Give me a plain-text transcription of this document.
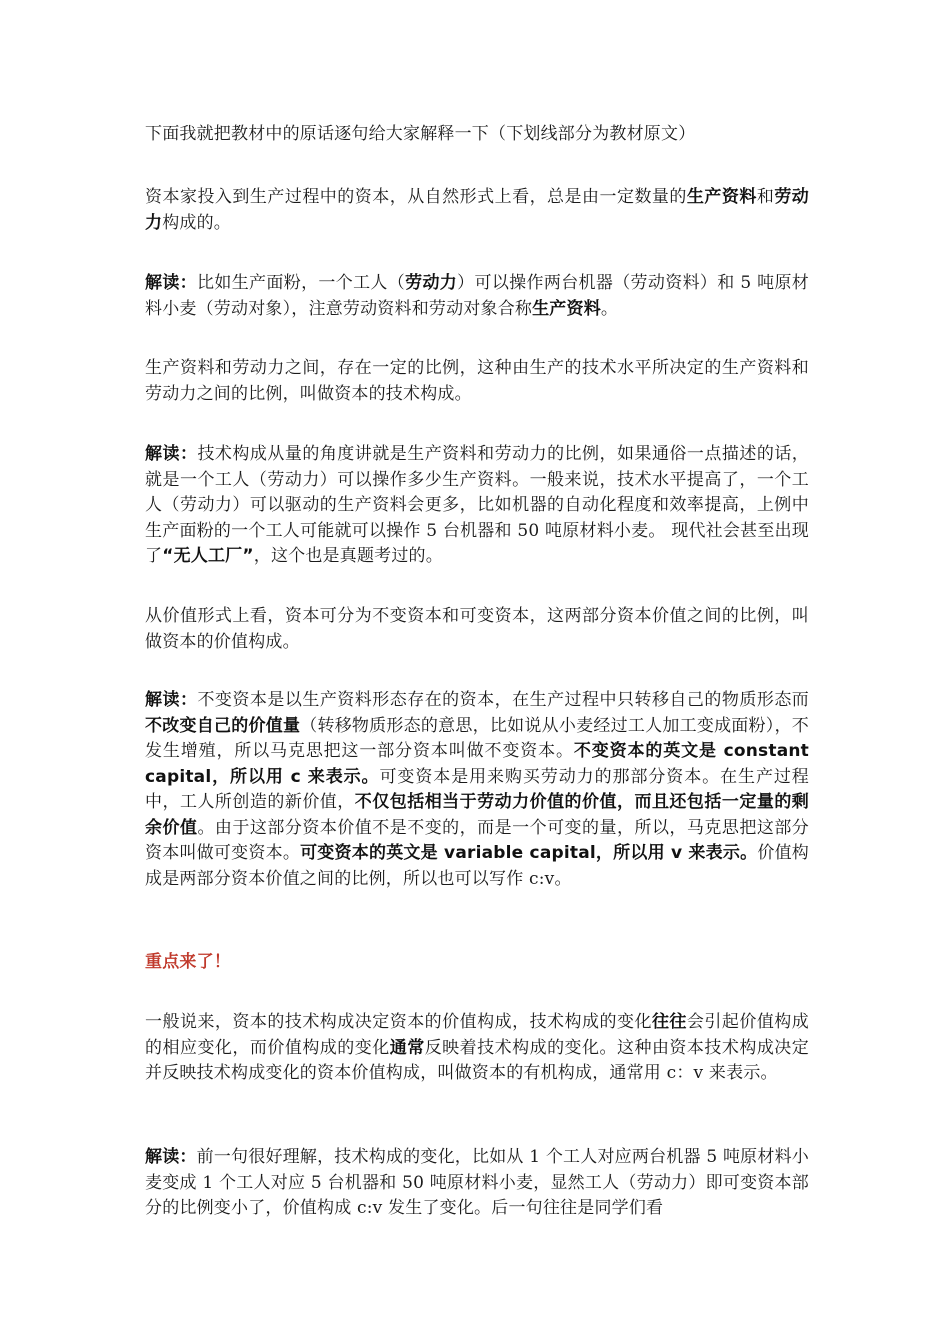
下面我就把教材中的原话逐句给大家解释一下（下划线部分为教材原文）
资本家投入到生产过程中的资本，从自然形式上看，总是由一定数量的生产资料和劳动力构成的。
解读：比如生产面粉，一个工人（劳动力）可以操作两台机器（劳动资料）和 5 吨原材料小麦（劳动对象），注意劳动资料和劳动对象合称生产资料。
生产资料和劳动力之间，存在一定的比例，这种由生产的技术水平所决定的生产资料和劳动力之间的比例，叫做资本的技术构成。
解读：技术构成从量的角度讲就是生产资料和劳动力的比例，如果通俗一点描述的话，就是一个工人（劳动力）可以操作多少生产资料。一般来说，技术水平提高了，一个工人（劳动力）可以驱动的生产资料会更多，比如机器的自动化程度和效率提高，上例中生产面粉的一个工人可能就可以操作 5 台机器和 50 吨原材料小麦。 现代社会甚至出现了“无人工厂”，这个也是真题考过的。
从价值形式上看，资本可分为不变资本和可变资本，这两部分资本价值之间的比例，叫做资本的价值构成。
解读：不变资本是以生产资料形态存在的资本，在生产过程中只转移自己的物质形态而不改变自己的价值量（转移物质形态的意思，比如说从小麦经过工人加工变成面粉），不发生增殖，所以马克思把这一部分资本叫做不变资本。不变资本的英文是 constant capital，所以用 c 来表示。可变资本是用来购买劳动力的那部分资本。在生产过程中，工人所创造的新价值，不仅包括相当于劳动力价值的价值，而且还包括一定量的剩余价值。由于这部分资本价值不是不变的，而是一个可变的量，所以，马克思把这部分资本叫做可变资本。可变资本的英文是 variable capital，所以用 v 来表示。价值构成是两部分资本价值之间的比例，所以也可以写作 c:v。
重点来了！
一般说来，资本的技术构成决定资本的价值构成，技术构成的变化往往会引起价值构成的相应变化，而价值构成的变化通常反映着技术构成的变化。这种由资本技术构成决定并反映技术构成变化的资本价值构成，叫做资本的有机构成，通常用 c：v 来表示。
解读：前一句很好理解，技术构成的变化，比如从 1 个工人对应两台机器 5 吨原材料小麦变成 1 个工人对应 5 台机器和 50 吨原材料小麦，显然工人（劳动力）即可变资本部分的比例变小了，价值构成 c:v 发生了变化。后一句往往是同学们看
